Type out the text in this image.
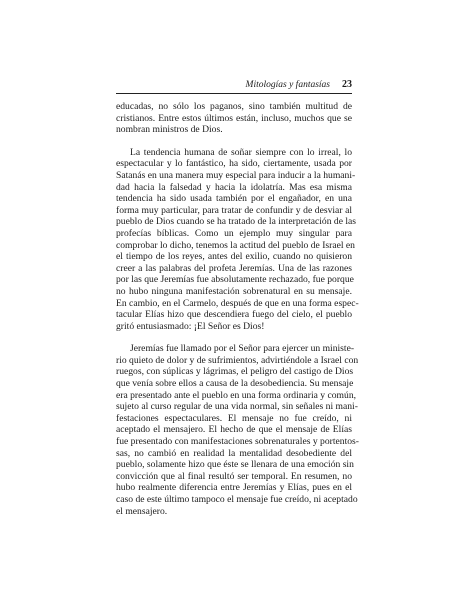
Mitologías y fantasías 23

educadas, no sólo los paganos, sino también multitud de
cristianos. Entre estos últimos están, incluso, muchos que se
nombran ministros de Dios.

La tendencia humana de soñar siempre con lo irreal, lo
espectacular y lo fantástico, ha sido, ciertamente, usada por
Satanás en una manera muy especial para inducir a la humani-
dad hacia la falsedad y hacia la idolatría. Mas esa misma
tendencia ha sido usada también por el engañador, en una
forma muy particular, para tratar de confundir y de desviar al
pueblo de Dios cuando se ha tratado de la interpretación de las
profecías bíblicas. Como un ejemplo muy singular para
comprobar lo dicho, tenemos la actitud del pueblo de Israel en
el tiempo de los reyes, antes del exilio, cuando no quisieron
creer a las palabras del profeta Jeremías. Una de las razones
por las que Jeremías fue absolutamente rechazado, fue porque
no hubo ninguna manifestación sobrenatural en su mensaje.
En cambio, en el Carmelo, después de que en una forma espec-
tacular Elías hizo que descendiera fuego del cielo, el pueblo
gritó entusiasmado: ¡El Señor es Dios!

Jeremías fue llamado por el Señor para ejercer un ministe-
rio quieto de dolor y de sufrimientos, advirtiéndole a Israel con
ruegos, con súplicas y lágrimas, el peligro del castigo de Dios
que venía sobre ellos a causa de la desobediencia. Su mensaje
era presentado ante el pueblo en una forma ordinaria y común,
sujeto al curso regular de una vida normal, sin señales ni mani-
festaciones espectaculares. El mensaje no fue creído, ni
aceptado el mensajero. El hecho de que el mensaje de Elías
fue presentado con manifestaciones sobrenaturales y portentos-
sas, no cambió en realidad la mentalidad desobediente del
pueblo, solamente hizo que éste se llenara de una emoción sin
convicción que al final resultó ser temporal. En resumen, no
hubo realmente diferencia entre Jeremías y Elías, pues en el
caso de este último tampoco el mensaje fue creído, ni aceptado
el mensajero.
